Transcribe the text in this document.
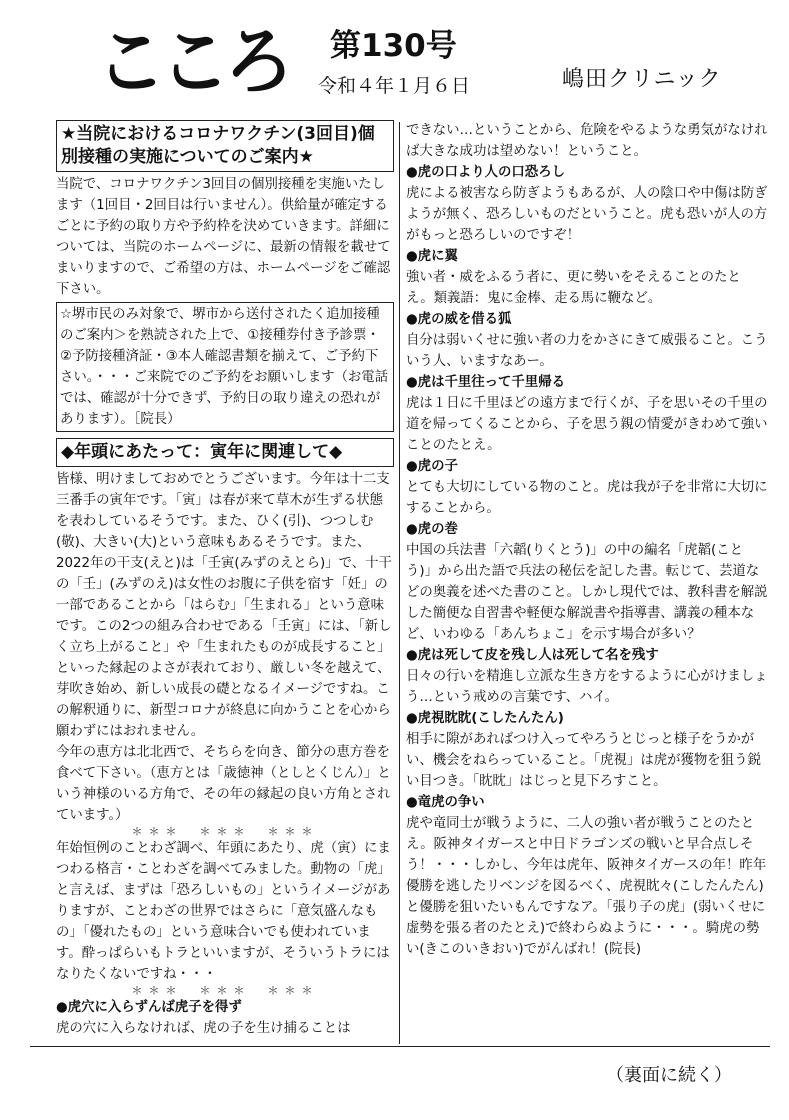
こころ 第130号
令和４年１月６日	嶋田クリニック
★当院におけるコロナワクチン(3回目)個別接種の実施についてのご案内★

当院で、コロナワクチン3回目の個別接種を実施いたします（1回目・2回目は行いません）。供給量が確定するごとに予約の取り方や予約枠を決めていきます。詳細については、当院のホームページに、最新の情報を載せてまいりますので、ご希望の方は、ホームページをご確認下さい。

☆堺市民のみ対象で、堺市から送付されたく追加接種のご案内＞を熟読された上で、①接種券付き予診票・②予防接種済証・③本人確認書類を揃えて、ご予約下さい。・・・ご来院でのご予約をお願いします（お電話では、確認が十分できず、予約日の取り違えの恐れがあります）。［院長）
◆年頭にあたって：寅年に関連して◆

皆様、明けましておめでとうございます。今年は十二支三番手の寅年です。「寅」は春が来て草木が生ずる状態を表わしているそうです。また、ひく(引)、つつしむ(敬)、大きい(大)という意味もあるそうです。また、2022年の干支(えと)は「壬寅(みずのえとら)」で、十干の「壬」(みずのえ)は女性のお腹に子供を宿す「妊」の一部であることから「はらむ」「生まれる」という意味です。この2つの組み合わせである「壬寅」には、「新しく立ち上がること」や「生まれたものが成長すること」といった縁起のよさが表れており、厳しい冬を越えて、芽吹き始め、新しい成長の礎となるイメージですね。この解釈通りに、新型コロナが終息に向かうことを心から願わずにはおれません。

今年の恵方は北北西で、そちらを向き、節分の恵方巻を食べて下さい。（恵方とは「歳徳神（としとくじん）」という神様のいる方角で、その年の縁起の良い方角とされています。）

＊＊＊　＊＊＊　＊＊＊

年始恒例のことわざ調べ、年頭にあたり、虎（寅）にまつわる格言・ことわざを調べてみました。動物の「虎」と言えば、まずは「恐ろしいもの」というイメージがありますが、ことわざの世界ではさらに「意気盛んなもの」「優れたもの」という意味合いでも使われています。酔っぱらいもトラといいますが、そういうトラにはなりたくないですね・・・

＊＊＊　＊＊＊　＊＊＊

●虎穴に入らずんば虎子を得ず

虎の穴に入らなければ、虎の子を生け捕ることは

できない…ということから、危険をやるような勇気がなければ大きな成功は望めない！ということ。

●虎の口より人の口恐ろし

虎による被害なら防ぎようもあるが、人の陰口や中傷は防ぎようが無く、恐ろしいものだということ。虎も恐いが人の方がもっと恐ろしいのですぞ！

●虎に翼

強い者・威をふるう者に、更に勢いをそえることのたとえ。類義語：鬼に金棒、走る馬に鞭など。

●虎の威を借る狐

自分は弱いくせに強い者の力をかさにきて威張ること。こういう人、いますなあー。

●虎は千里往って千里帰る

虎は１日に千里ほどの遠方まで行くが、子を思いその千里の道を帰ってくることから、子を思う親の情愛がきわめて強いことのたとえ。

●虎の子

とても大切にしている物のこと。虎は我が子を非常に大切にすることから。

●虎の巻

中国の兵法書「六韜(りくとう)」の中の編名「虎韜(ことう)」から出た語で兵法の秘伝を記した書。転じて、芸道などの奥義を述べた書のこと。しかし現代では、教科書を解説した簡便な自習書や軽便な解説書や指導書、講義の種本など、いわゆる「あんちょこ」を示す場合が多い？

●虎は死して皮を残し人は死して名を残す

日々の行いを精進し立派な生き方をするように心がけましょう…という戒めの言葉です、ハイ。

●虎視眈眈(こしたんたん)

相手に隙があればつけ入ってやろうとじっと様子をうかがい、機会をねらっていること。「虎視」は虎が獲物を狙う鋭い目つき。「眈眈」はじっと見下ろすこと。

●竜虎の争い

虎や竜同士が戦うように、二人の強い者が戦うことのたとえ。阪神タイガースと中日ドラゴンズの戦いと早合点しそう！・・・しかし、今年は虎年、阪神タイガースの年！昨年優勝を逃したリベンジを図るべく、虎視眈々(こしたんたん)と優勝を狙いたいもんですなア。「張り子の虎」(弱いくせに虚勢を張る者のたとえ)で終わらぬように・・・。騎虎の勢い(きこのいきおい)でがんばれ！(院長)

（裏面に続く）
